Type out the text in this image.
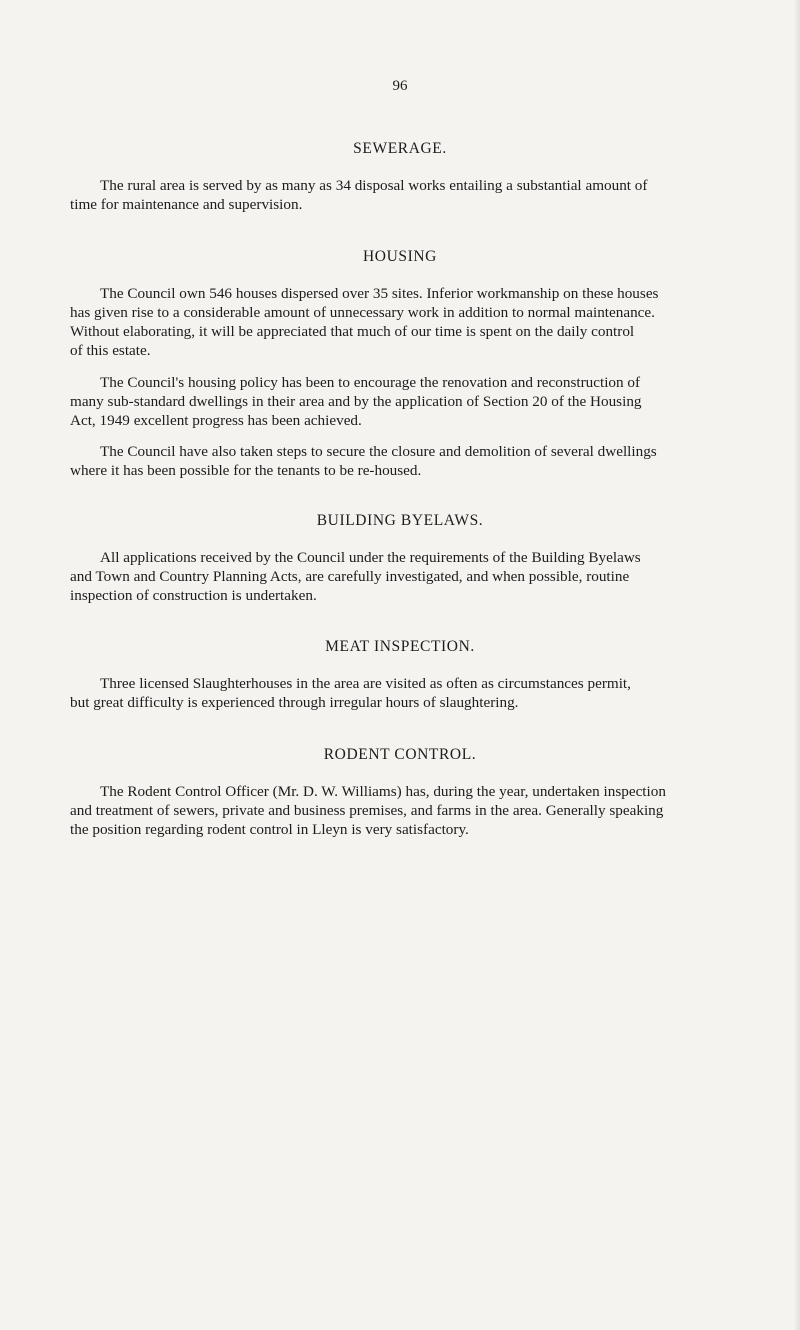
96
SEWERAGE.

The rural area is served by as many as 34 disposal works entailing a substantial amount of
time for maintenance and supervision.

HOUSING

The Council own 546 houses dispersed over 35 sites. Inferior workmanship on these houses
has given rise to a considerable amount of unnecessary work in addition to normal maintenance.
Without elaborating, it will be appreciated that much of our time is spent on the daily control
of this estate.

The Council's housing policy has been to encourage the renovation and reconstruction of
many sub-standard dwellings in their area and by the application of Section 20 of the Housing
Act, 1949 excellent progress has been achieved.

The Council have also taken steps to secure the closure and demolition of several dwellings
where it has been possible for the tenants to be re-housed.

BUILDING BYELAWS.

All applications received by the Council under the requirements of the Building Byelaws
and Town and Country Planning Acts, are carefully investigated, and when possible, routine
inspection of construction is undertaken.

MEAT INSPECTION.

Three licensed Slaughterhouses in the area are visited as often as circumstances permit,
but great difficulty is experienced through irregular hours of slaughtering.

RODENT CONTROL.

The Rodent Control Officer (Mr. D. W. Williams) has, during the year, undertaken inspection
and treatment of sewers, private and business premises, and farms in the area. Generally speaking
the position regarding rodent control in Lleyn is very satisfactory.
